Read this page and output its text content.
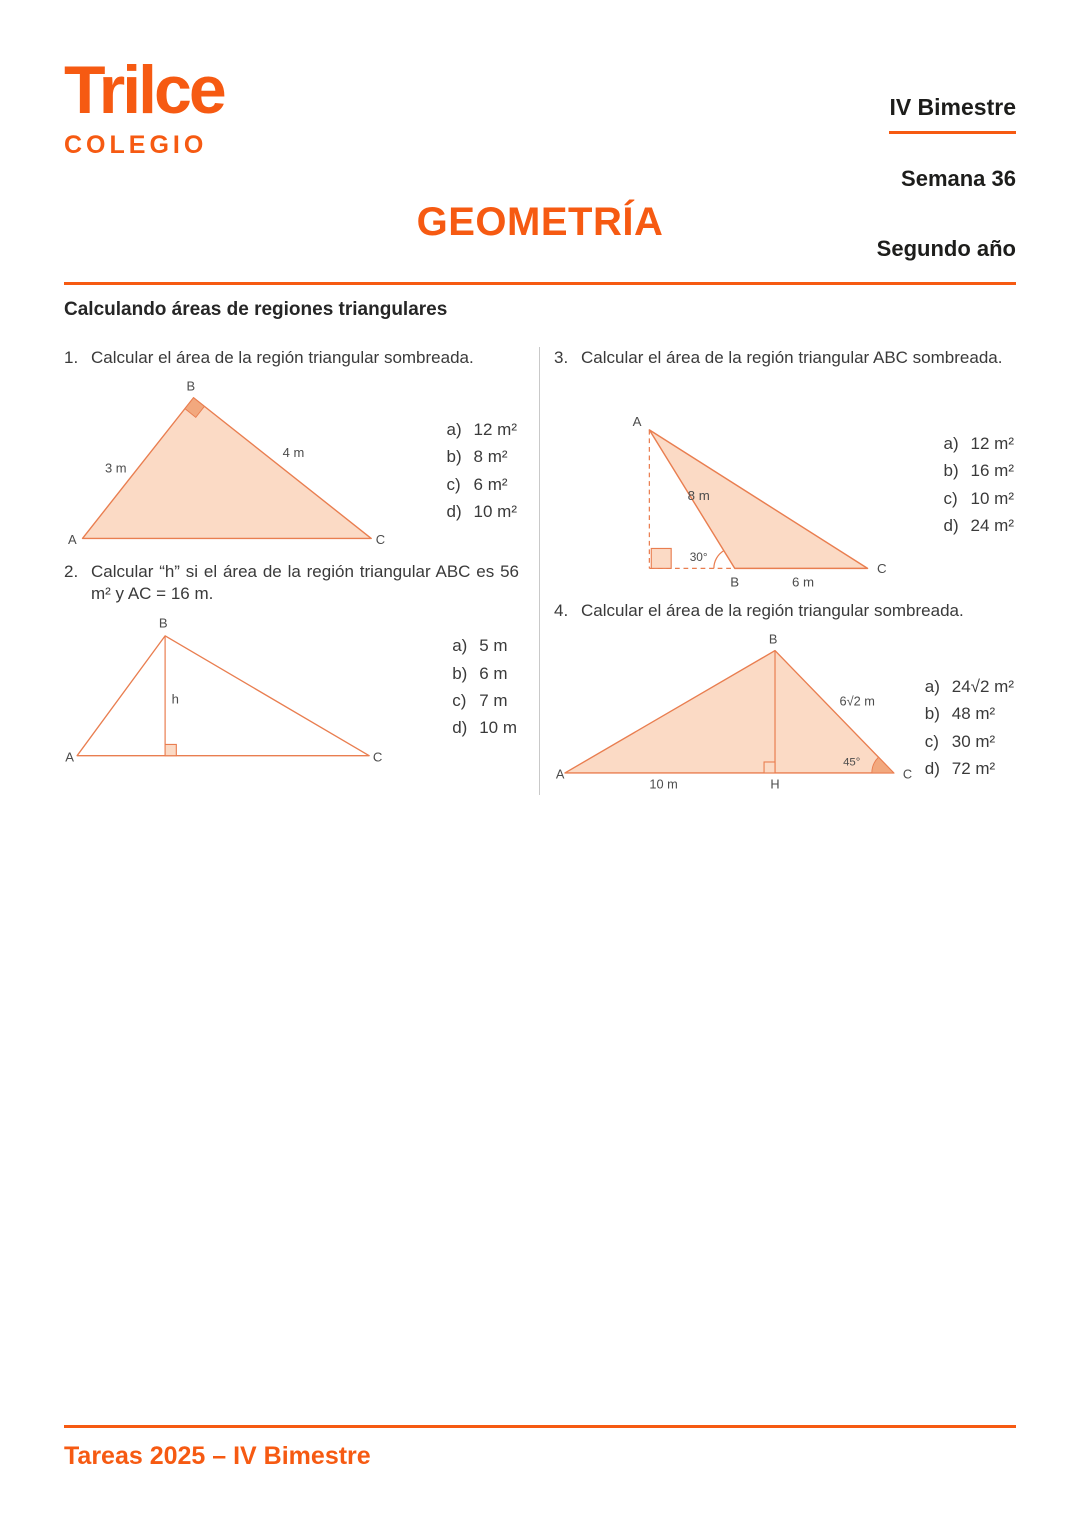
Trilce
COLEGIO
GEOMETRÍA
IV Bimestre
Semana 36
Segundo año
Calculando áreas de regiones triangulares
1. Calcular el área de la región triangular sombreada.
A
B
C
3 m
4 m
a) 12 m²
b) 8 m²
c) 6 m²
d) 10 m²
2. Calcular “h” si el área de la región triangular ABC es 56 m² y AC = 16 m.
A
B
C
h
a) 5 m
b) 6 m
c) 7 m
d) 10 m
3. Calcular el área de la región triangular ABC sombreada.
A
B
C
8 m
30°
6 m
a) 12 m²
b) 16 m²
c) 10 m²
d) 24 m²
4. Calcular el área de la región triangular sombreada.
A
B
C
H
10 m
6√2 m
45°
a) 24√2 m²
b) 48 m²
c) 30 m²
d) 72 m²
Tareas 2025 – IV Bimestre
